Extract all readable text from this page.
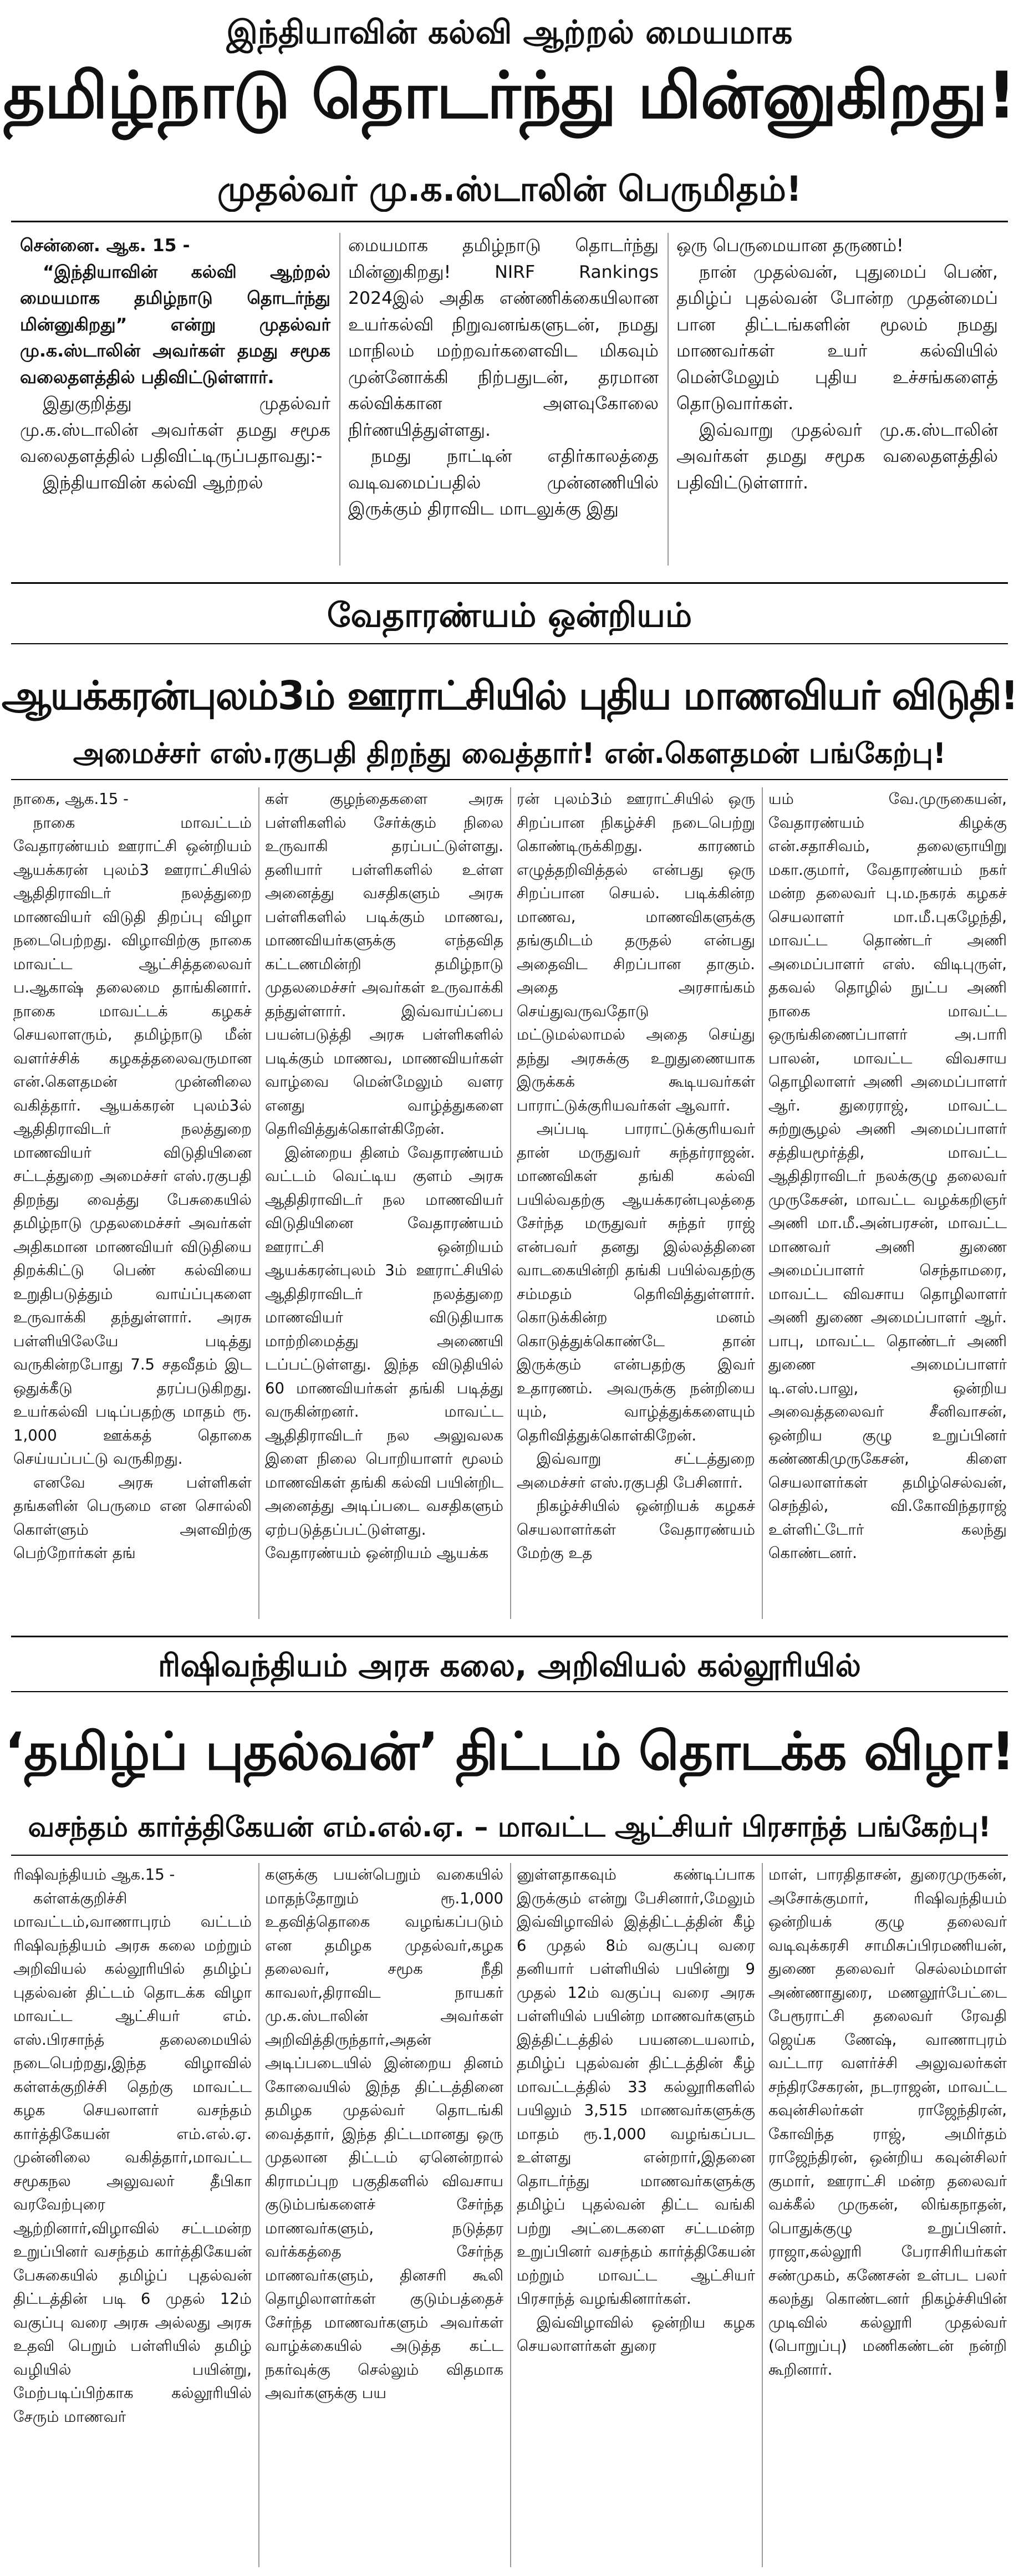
இந்தியாவின் கல்வி ஆற்றல் மையமாக
தமிழ்நாடு தொடர்ந்து மின்னுகிறது!
முதல்வர் மு.க.ஸ்டாலின் பெருமிதம்!

சென்னை. ஆக. 15 -

“இந்தியாவின் கல்வி ஆற்றல் மையமாக தமிழ்நாடு தொடர்ந்து மின்னுகிறது” என்று முதல்வர் மு.க.ஸ்டாலின் அவர்கள் தமது சமூக வலைதளத்தில் பதிவிட்டுள்ளார்.

இதுகுறித்து முதல்வர் மு.க.ஸ்டாலின் அவர்கள் தமது சமூக வலைதளத்தில் பதிவிட்டிருப்பதாவது:-

இந்தியாவின் கல்வி ஆற்றல்

மையமாக தமிழ்நாடு தொடர்ந்து மின்னுகிறது! NIRF Rankings 2024இல் அதிக எண்ணிக்கையிலான உயர்கல்வி நிறுவனங்களுடன், நமது மாநிலம் மற்றவர்களைவிட மிகவும் முன்னோக்கி நிற்பதுடன், தரமான கல்விக்கான அளவுகோலை நிர்ணயித்துள்ளது.

நமது நாட்டின் எதிர்காலத்தை வடிவமைப்பதில் முன்னணியில் இருக்கும் திராவிட மாடலுக்கு இது

ஒரு பெருமையான தருணம்!

நான் முதல்வன், புதுமைப் பெண், தமிழ்ப் புதல்வன் போன்ற முதன்மைப் பான திட்டங்களின் மூலம் நமது மாணவர்கள் உயர் கல்வியில் மென்மேலும் புதிய உச்சங்களைத் தொடுவார்கள்.

இவ்வாறு முதல்வர் மு.க.ஸ்டாலின் அவர்கள் தமது சமூக வலைதளத்தில் பதிவிட்டுள்ளார்.

வேதாரண்யம் ஒன்றியம்
ஆயக்கரன்புலம்3ம் ஊராட்சியில் புதிய மாணவியர் விடுதி!
அமைச்சர் எஸ்.ரகுபதி திறந்து வைத்தார்! என்.கௌதமன் பங்கேற்பு!

நாகை, ஆக.15 -

நாகை மாவட்டம் வேதாரண்யம் ஊராட்சி ஒன்றியம் ஆயக்கரன் புலம்3 ஊராட்சியில் ஆதிதிராவிடர் நலத்துறை மாணவியர் விடுதி திறப்பு விழா நடைபெற்றது. விழாவிற்கு நாகை மாவட்ட ஆட்சித்தலைவர் ப.ஆகாஷ் தலைமை தாங்கினார். நாகை மாவட்டக் கழகச் செயலாளரும், தமிழ்நாடு மீன் வளர்ச்சிக் கழகத்தலைவருமான என்.கௌதமன் முன்னிலை வகித்தார். ஆயக்கரன் புலம்3ல் ஆதிதிராவிடர் நலத்துறை மாணவியர் விடுதியினை சட்டத்துறை அமைச்சர் எஸ்.ரகுபதி திறந்து வைத்து பேசுகையில் தமிழ்நாடு முதலமைச்சர் அவர்கள் அதிகமான மாணவியர் விடுதியை திறக்கிட்டு பெண் கல்வியை உறுதிபடுத்தும் வாய்ப்புகளை உருவாக்கி தந்துள்ளார். அரசு பள்ளியிலேயே படித்து வருகின்றபோது 7.5 சதவீதம் இட ஒதுக்கீடு தரப்படுகிறது. உயர்கல்வி படிப்பதற்கு மாதம் ரூ. 1,000 ஊக்கத் தொகை செய்யப்பட்டு வருகிறது.

எனவே அரசு பள்ளிகள் தங்களின் பெருமை என சொல்லி கொள்ளும் அளவிற்கு பெற்றோர்கள் தங்

கள் குழந்தைகளை அரசு பள்ளிகளில் சேர்க்கும் நிலை உருவாகி தரப்பட்டுள்ளது. தனியார் பள்ளிகளில் உள்ள அனைத்து வசதிகளும் அரசு பள்ளிகளில் படிக்கும் மாணவ, மாணவியர்களுக்கு எந்தவித கட்டணமின்றி தமிழ்நாடு முதலமைச்சர் அவர்கள் உருவாக்கி தந்துள்ளார். இவ்வாய்ப்பை பயன்படுத்தி அரசு பள்ளிகளில் படிக்கும் மாணவ, மாணவியர்கள் வாழ்வை மென்மேலும் வளர எனது வாழ்த்துகளை தெரிவித்துக்கொள்கிறேன்.

இன்றைய தினம் வேதாரண்யம் வட்டம் வெட்டிய குளம் அரசு ஆதிதிராவிடர் நல மாணவியர் விடுதியினை வேதாரண்யம் ஊராட்சி ஒன்றியம் ஆயக்கரன்புலம் 3ம் ஊராட்சியில் ஆதிதிராவிடர் நலத்துறை மாணவியர் விடுதியாக மாற்றிமைத்து அணையி டப்பட்டுள்ளது. இந்த விடுதியில் 60 மாணவியர்கள் தங்கி படித்து வருகின்றனர். மாவட்ட ஆதிதிராவிடர் நல அலுவலக இளை நிலை பொறியாளர் மூலம் மாணவிகள் தங்கி கல்வி பயின்றிட அனைத்து அடிப்படை வசதிகளும் ஏற்படுத்தப்பட்டுள்ளது. வேதாரண்யம் ஒன்றியம் ஆயக்க

ரன் புலம்3ம் ஊராட்சியில் ஒரு சிறப்பான நிகழ்ச்சி நடைபெற்று கொண்டிருக்கிறது. காரணம் எழுத்தறிவித்தல் என்பது ஒரு சிறப்பான செயல். படிக்கின்ற மாணவ, மாணவிகளுக்கு தங்குமிடம் தருதல் என்பது அதைவிட சிறப்பான தாகும். அதை அரசாங்கம் செய்துவருவதோடு மட்டுமல்லாமல் அதை செய்து தந்து அரசுக்கு உறுதுணையாக இருக்கக் கூடியவர்கள் பாராட்டுக்குரியவர்கள் ஆவார்.

அப்படி பாராட்டுக்குரியவர் தான் மருதுவர் சுந்தர்ராஜன். மாணவிகள் தங்கி கல்வி பயில்வதற்கு ஆயக்கரன்புலத்தை சேர்ந்த மருதுவர் சுந்தர் ராஜ் என்பவர் தனது இல்லத்தினை வாடகையின்றி தங்கி பயில்வதற்கு சம்மதம் தெரிவித்துள்ளார். கொடுக்கின்ற மனம் கொடுத்துக்கொண்டே தான் இருக்கும் என்பதற்கு இவர் உதாரணம். அவருக்கு நன்றியை யும், வாழ்த்துக்களையும் தெரிவித்துக்கொள்கிறேன்.

இவ்வாறு சட்டத்துறை அமைச்சர் எஸ்.ரகுபதி பேசினார்.

நிகழ்ச்சியில் ஒன்றியக் கழகச் செயலாளர்கள் வேதாரண்யம் மேற்கு உத

யம் வே.முருகையன், வேதாரண்யம் கிழக்கு என்.சதாசிவம், தலைஞாயிறு மகா.குமார், வேதாரண்யம் நகர் மன்ற தலைவர் பு.ம.நகரக் கழகச் செயலாளர் மா.மீ.புகழேந்தி, மாவட்ட தொண்டர் அணி அமைப்பாளர் எஸ். விடிபுருள், தகவல் தொழில் நுட்ப அணி நாகை மாவட்ட ஒருங்கிணைப்பாளர் அ.பாரி பாலன், மாவட்ட விவசாய தொழிலாளர் அணி அமைப்பாளர் ஆர். துரைராஜ், மாவட்ட சுற்றுசூழல் அணி அமைப்பாளர் சத்தியமூர்த்தி, மாவட்ட ஆதிதிராவிடர் நலக்குழு தலைவர் முருகேசன், மாவட்ட வழக்கறிஞர் அணி மா.மீ.அன்பரசன், மாவட்ட மாணவர் அணி துணை அமைப்பாளர் செந்தாமரை, மாவட்ட விவசாய தொழிலாளர் அணி துணை அமைப்பாளர் ஆர். பாபு, மாவட்ட தொண்டர் அணி துணை அமைப்பாளர் டி.எஸ்.பாலு, ஒன்றிய அவைத்தலைவர் சீனிவாசன், ஒன்றிய குழு உறுப்பினர் கண்ணகிமுருகேசன், கிளை செயலாளர்கள் தமிழ்செல்வன், செந்தில், வி.கோவிந்தராஜ் உள்ளிட்டோர் கலந்து கொண்டனர்.

ரிஷிவந்தியம் அரசு கலை, அறிவியல் கல்லூரியில்
‘தமிழ்ப் புதல்வன்’ திட்டம் தொடக்க விழா!
வசந்தம் கார்த்திகேயன் எம்.எல்.ஏ. – மாவட்ட ஆட்சியர் பிரசாந்த் பங்கேற்பு!

ரிஷிவந்தியம் ஆக.15 -

கள்ளக்குறிச்சி மாவட்டம்,வாணாபுரம் வட்டம் ரிஷிவந்தியம் அரசு கலை மற்றும் அறிவியல் கல்லூரியில் தமிழ்ப் புதல்வன் திட்டம் தொடக்க விழா மாவட்ட ஆட்சியர் எம். எஸ்.பிரசாந்த் தலைமையில் நடைபெற்றது,இந்த விழாவில் கள்ளக்குறிச்சி தெற்கு மாவட்ட கழக செயலாளர் வசந்தம் கார்த்திகேயன் எம்.எல்.ஏ. முன்னிலை வகித்தார்,மாவட்ட சமூகநல அலுவலர் தீபிகா வரவேற்புரை ஆற்றினார்,விழாவில் சட்டமன்ற உறுப்பினர் வசந்தம் கார்த்திகேயன் பேசுகையில் தமிழ்ப் புதல்வன் திட்டத்தின் படி 6 முதல் 12ம் வகுப்பு வரை அரசு அல்லது அரசு உதவி பெறும் பள்ளியில் தமிழ் வழியில் பயின்று, மேற்படிப்பிற்காக கல்லூரியில் சேரும் மாணவர்

களுக்கு பயன்பெறும் வகையில் மாதந்தோறும் ரூ.1,000 உதவித்தொகை வழங்கப்படும் என தமிழக முதல்வர்,கழக தலைவர், சமூக நீதி காவலர்,திராவிட நாயகர் மு.க.ஸ்டாலின் அவர்கள் அறிவித்திருந்தார்,அதன் அடிப்படையில் இன்றைய தினம் கோவையில் இந்த திட்டத்தினை தமிழக முதல்வர் தொடங்கி வைத்தார், இந்த திட்டமானது ஒரு முதலான திட்டம் ஏனென்றால் கிராமப்புற பகுதிகளில் விவசாய குடும்பங்களைச் சேர்ந்த மாணவர்களும், நடுத்தர வர்க்கத்தை சேர்ந்த மாணவர்களும், தினசரி கூலி தொழிலாளர்கள் குடும்பத்தைச் சேர்ந்த மாணவர்களும் அவர்கள் வாழ்க்கையில் அடுத்த கட்ட நகர்வுக்கு செல்லும் விதமாக அவர்களுக்கு பய

னுள்ளதாகவும் கண்டிப்பாக இருக்கும் என்று பேசினார்,மேலும் இவ்விழாவில் இத்திட்டத்தின் கீழ் 6 முதல் 8ம் வகுப்பு வரை தனியார் பள்ளியில் பயின்று 9 முதல் 12ம் வகுப்பு வரை அரசு பள்ளியில் பயின்ற மாணவர்களும் இத்திட்டத்தில் பயனடையலாம், தமிழ்ப் புதல்வன் திட்டத்தின் கீழ் மாவட்டத்தில் 33 கல்லூரிகளில் பயிலும் 3,515 மாணவர்களுக்கு மாதம் ரூ.1,000 வழங்கப்பட உள்ளது என்றார்,இதனை தொடர்ந்து மாணவர்களுக்கு தமிழ்ப் புதல்வன் திட்ட வங்கி பற்று அட்டைகளை சட்டமன்ற உறுப்பினர் வசந்தம் கார்த்திகேயன் மற்றும் மாவட்ட ஆட்சியர் பிரசாந்த் வழங்கினார்கள்.

இவ்விழாவில் ஒன்றிய கழக செயலாளர்கள் துரை

மாள், பாரதிதாசன், துரைமுருகன், அசோக்குமார், ரிஷிவந்தியம் ஒன்றியக் குழு தலைவர் வடிவுக்கரசி சாமிசுப்பிரமணியன், துணை தலைவர் செல்லம்மாள் அண்ணாதுரை, மணலூர்பேட்டை பேரூராட்சி தலைவர் ரேவதி ஜெய்க ணேஷ், வாணாபுரம் வட்டார வளர்ச்சி அலுவலர்கள் சந்திரசேகரன், நடராஜன், மாவட்ட கவுன்சிலர்கள் ராஜேந்திரன், கோவிந்த ராஜ், அமிர்தம் ராஜேந்திரன், ஒன்றிய கவுன்சிலர் குமார், ஊராட்சி மன்ற தலைவர் வக்கீல் முருகன், லிங்கநாதன், பொதுக்குழு உறுப்பினர். ராஜா,கல்லூரி பேராசிரியர்கள் சண்முகம், கணேசன் உள்பட பலர் கலந்து கொண்டனர் நிகழ்ச்சியின் முடிவில் கல்லூரி முதல்வர் (பொறுப்பு) மணிகண்டன் நன்றி கூறினார்.
